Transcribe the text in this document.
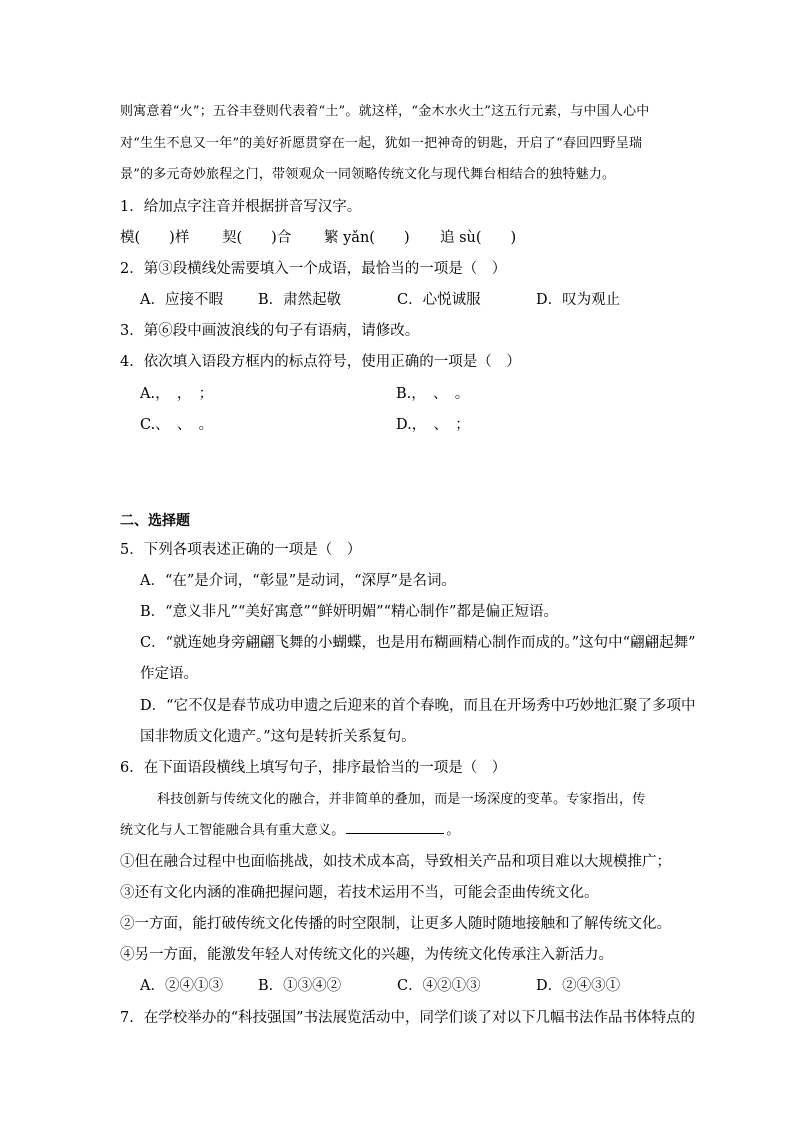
则寓意着“火”；五谷丰登则代表着“土”。就这样，“金木水火土”这五行元素，与中国人心中
对“生生不息又一年”的美好祈愿贯穿在一起，犹如一把神奇的钥匙，开启了“春回四野呈瑞
景”的多元奇妙旅程之门，带领观众一同领略传统文化与现代舞台相结合的独特魅力。
1．给加点字注音并根据拼音写汉字。
模(　　)样 契(　　)合 繁 yǎn(　　) 追 sù(　　)
2．第③段横线处需要填入一个成语，最恰当的一项是（　）
A．应接不暇 B．肃然起敬	C．心悦诚服	D．叹为观止
3．第⑥段中画波浪线的句子有语病，请修改。
4．依次填入语段方框内的标点符号，使用正确的一项是（　）
A.，　，　；	B.，　、　。
C.、　、　。	D.，　、　；
二、选择题
5．下列各项表述正确的一项是（　）
A．“在”是介词，“彰显”是动词，“深厚”是名词。
B．“意义非凡”“美好寓意”“鲜妍明媚”“精心制作”都是偏正短语。
C．“就连她身旁翩翩飞舞的小蝴蝶，也是用布糊画精心制作而成的。”这句中“翩翩起舞”
作定语。
D．“它不仅是春节成功申遗之后迎来的首个春晚，而且在开场秀中巧妙地汇聚了多项中
国非物质文化遗产。”这句是转折关系复句。
6．在下面语段横线上填写句子，排序最恰当的一项是（　）
科技创新与传统文化的融合，并非简单的叠加，而是一场深度的变革。专家指出，传
统文化与人工智能融合具有重大意义。	。
①但在融合过程中也面临挑战，如技术成本高，导致相关产品和项目难以大规模推广；
③还有文化内涵的准确把握问题，若技术运用不当，可能会歪曲传统文化。
②一方面，能打破传统文化传播的时空限制，让更多人随时随地接触和了解传统文化。
④另一方面，能激发年轻人对传统文化的兴趣，为传统文化传承注入新活力。
A．②④①③ B．①③④②	C．④②①③	D．②④③①
7．在学校举办的“科技强国”书法展览活动中，同学们谈了对以下几幅书法作品书体特点的
